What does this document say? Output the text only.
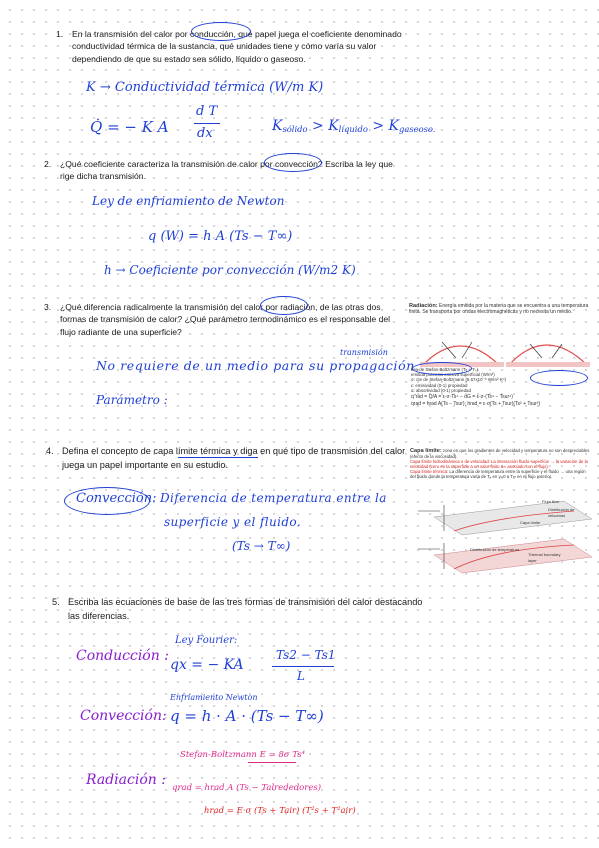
1. En la transmisión del calor por conducción, qué papel juega el coeficiente denominado

conductividad térmica de la sustancia, qué unidades tiene y cómo varía su valor

dependiendo de que su estado sea sólido, líquido o gaseoso.

K → Conductividad térmica (W/m K)
Q̇ = − K A
d T
dx	$K_{sólido} > K_{líquido} > K_{gaseoso.}$
2. ¿Qué coeficiente caracteriza la transmisión de calor por convección? Escriba la ley que

rige dicha transmisión.

Ley de enfriamiento de Newton
q (W) = h A (Ts − T∞)
h → Coeficiente por convección (W/m2 K)
3. ¿Qué diferencia radicalmente la transmisión del calor por radiación, de las otras dos

formas de transmisión de calor? ¿Qué parámetro termodinámico es el responsable del

flujo radiante de una superficie?

transmisión
No requiere de un medio para su propagación
Parámetro :
Radiación: Energía emitida por la materia que se encuentra a una temperatura finita. Se transporta por ondas electromagnéticas y no necesita un medio.
Ley de Stefan-Boltzmann (T₂ ≈ Tₛ)
emitida potencia emisiva superficial (W/m²)
σ: cte de Stefan-Boltzmann (5.67x10⁻⁸ W/m²·K⁴)
ε: emisividad (0-1) propiedad
α: absortividad (0-1) propiedad
q''rad = Q/A = ε·σ·Ts⁴ − αG = ε·σ·(Ts⁴ − Tsur⁴)
qrad = hrad A(Ts − Tsur); hrad = ε·σ(Ts + Tsur)(Ts² + Tsur²)
4. Defina el concepto de capa límite térmica y diga en qué tipo de transmisión del calor

juega un papel importante en su estudio.

Convección: Diferencia de temperatura entre la
superficie y el fluido.
(Ts → T∞)
Capa límite: zona en que los gradientes de velocidad y temperatura no son despreciables (efecto de la viscosidad).
Capa límite hidrodinámica o de velocidad: La interacción fluido-superficie → la variación de la velocidad (cero en la superficie a un valor finito u∞ asociado con el flujo).
Capa límite térmica: La diferencia de temperatura entre la superficie y el fluido → una región del fluido donde la temperatura varía de Tₛ en y=0 a T∞ en el flujo exterior.
Flujo libre
Distribución de velocidad
Capa límite
Distribución de temperatura
Thermal boundary layer
5. Escriba las ecuaciones de base de las tres formas de transmisión del calor destacando

las diferencias.

Ley Fourier:
Conducción :
qx = − KA
Ts2 − Ts1
L
Enfriamiento Newton
Convección: q = h · A · (Ts − T∞)
Stefan-Boltzmann E = 8σ Ts⁴
Radiación : qrad = hrad A (Ts − Talrededores)
hrad = E·σ (Ts + Tair) (T²s + T²air)
